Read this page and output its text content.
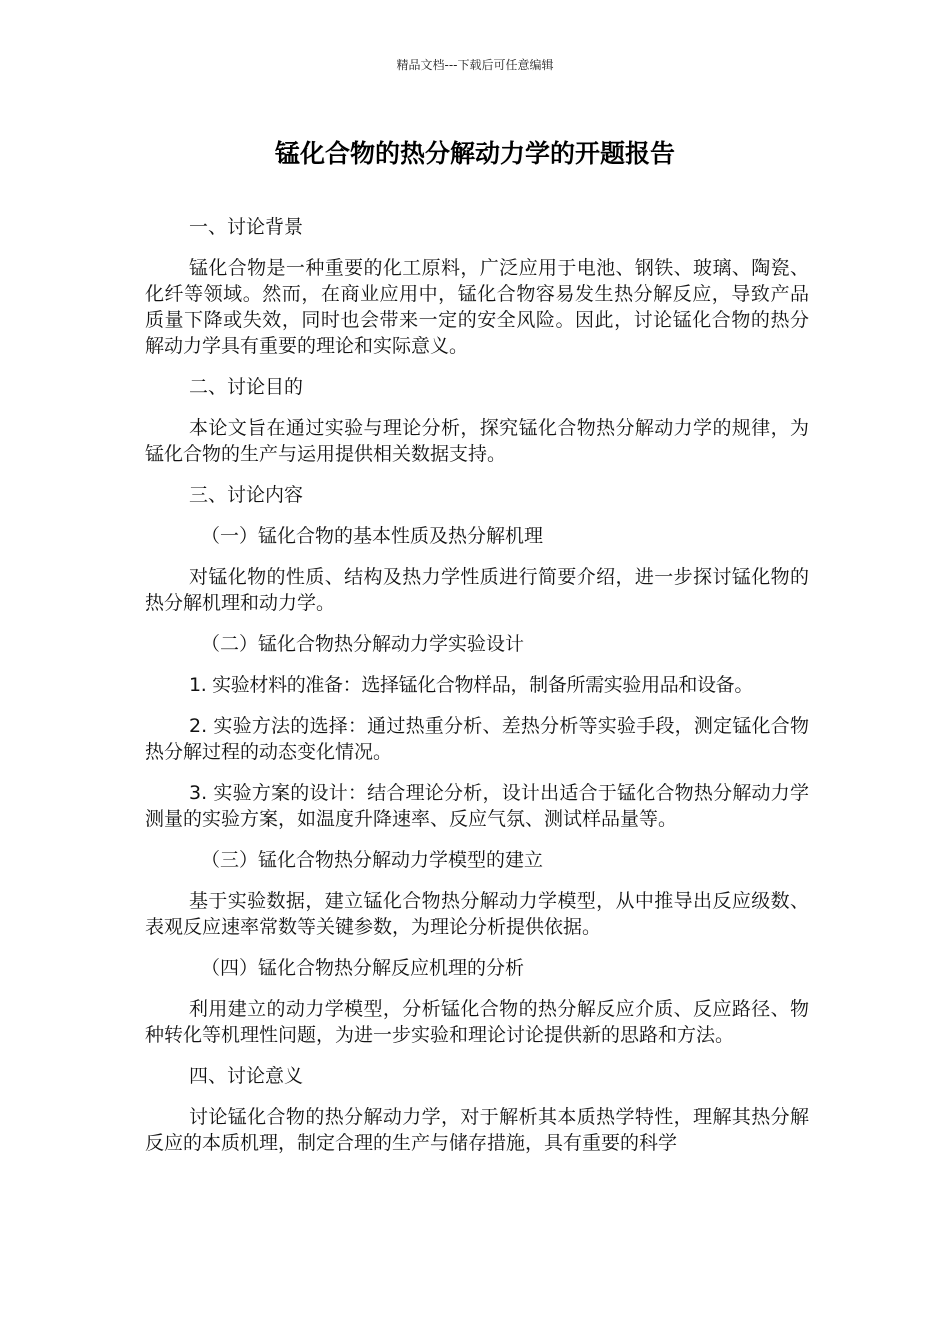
精品文档---下载后可任意编辑
锰化合物的热分解动力学的开题报告

一、讨论背景

锰化合物是一种重要的化工原料，广泛应用于电池、钢铁、玻璃、陶瓷、化纤等领域。然而，在商业应用中，锰化合物容易发生热分解反应，导致产品质量下降或失效，同时也会带来一定的安全风险。因此，讨论锰化合物的热分解动力学具有重要的理论和实际意义。

二、讨论目的

本论文旨在通过实验与理论分析，探究锰化合物热分解动力学的规律，为锰化合物的生产与运用提供相关数据支持。

三、讨论内容

（一）锰化合物的基本性质及热分解机理

对锰化物的性质、结构及热力学性质进行简要介绍，进一步探讨锰化物的热分解机理和动力学。

（二）锰化合物热分解动力学实验设计

1. 实验材料的准备：选择锰化合物样品，制备所需实验用品和设备。

2. 实验方法的选择：通过热重分析、差热分析等实验手段，测定锰化合物热分解过程的动态变化情况。

3. 实验方案的设计：结合理论分析，设计出适合于锰化合物热分解动力学测量的实验方案，如温度升降速率、反应气氛、测试样品量等。

（三）锰化合物热分解动力学模型的建立

基于实验数据，建立锰化合物热分解动力学模型，从中推导出反应级数、表观反应速率常数等关键参数，为理论分析提供依据。

（四）锰化合物热分解反应机理的分析

利用建立的动力学模型，分析锰化合物的热分解反应介质、反应路径、物种转化等机理性问题，为进一步实验和理论讨论提供新的思路和方法。

四、讨论意义

讨论锰化合物的热分解动力学，对于解析其本质热学特性，理解其热分解反应的本质机理，制定合理的生产与储存措施，具有重要的科学
